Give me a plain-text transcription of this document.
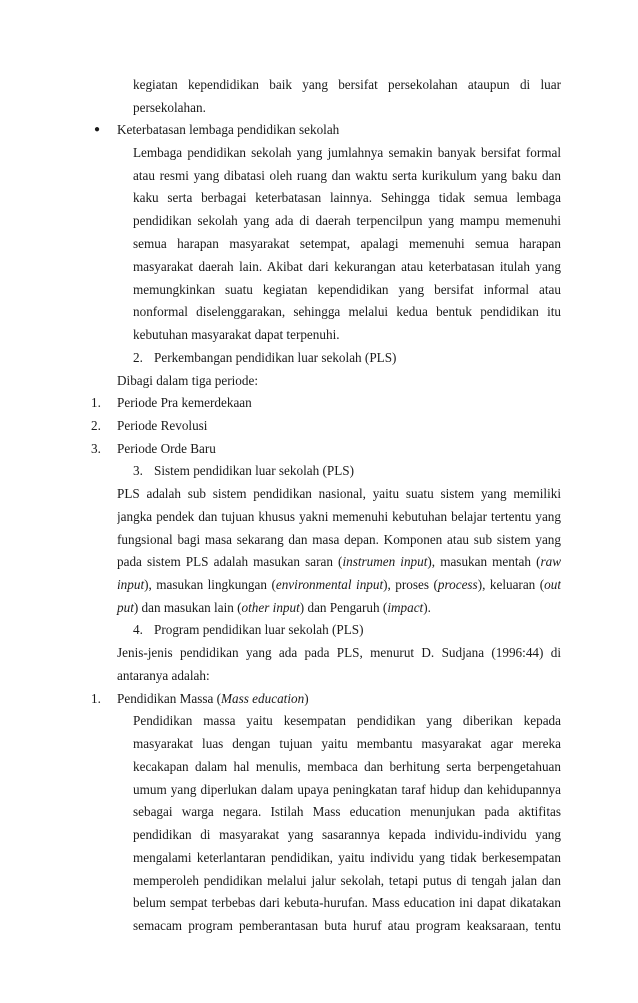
kegiatan kependidikan baik yang bersifat persekolahan ataupun di luar
persekolahan.
● Keterbatasan lembaga pendidikan sekolah
Lembaga pendidikan sekolah yang jumlahnya semakin banyak bersifat formal
atau resmi yang dibatasi oleh ruang dan waktu serta kurikulum yang baku dan
kaku serta berbagai keterbatasan lainnya. Sehingga tidak semua lembaga
pendidikan sekolah yang ada di daerah terpencilpun yang mampu memenuhi
semua harapan masyarakat setempat, apalagi memenuhi semua harapan
masyarakat daerah lain. Akibat dari kekurangan atau keterbatasan itulah yang
memungkinkan suatu kegiatan kependidikan yang bersifat informal atau
nonformal diselenggarakan, sehingga melalui kedua bentuk pendidikan itu
kebutuhan masyarakat dapat terpenuhi.
2. Perkembangan pendidikan luar sekolah (PLS)
Dibagi dalam tiga periode:
1. Periode Pra kemerdekaan
2. Periode Revolusi
3. Periode Orde Baru
3. Sistem pendidikan luar sekolah (PLS)
PLS adalah sub sistem pendidikan nasional, yaitu suatu sistem yang memiliki
jangka pendek dan tujuan khusus yakni memenuhi kebutuhan belajar tertentu yang
fungsional bagi masa sekarang dan masa depan. Komponen atau sub sistem yang
pada sistem PLS adalah masukan saran (instrumen input), masukan mentah (raw
input), masukan lingkungan (environmental input), proses (process), keluaran (out
put) dan masukan lain (other input) dan Pengaruh (impact).
4. Program pendidikan luar sekolah (PLS)
Jenis-jenis pendidikan yang ada pada PLS, menurut D. Sudjana (1996:44) di
antaranya adalah:
1. Pendidikan Massa (Mass education)
Pendidikan massa yaitu kesempatan pendidikan yang diberikan kepada
masyarakat luas dengan tujuan yaitu membantu masyarakat agar mereka
kecakapan dalam hal menulis, membaca dan berhitung serta berpengetahuan
umum yang diperlukan dalam upaya peningkatan taraf hidup dan kehidupannya
sebagai warga negara. Istilah Mass education menunjukan pada aktifitas
pendidikan di masyarakat yang sasarannya kepada individu-individu yang
mengalami keterlantaran pendidikan, yaitu individu yang tidak berkesempatan
memperoleh pendidikan melalui jalur sekolah, tetapi putus di tengah jalan dan
belum sempat terbebas dari kebuta-hurufan. Mass education ini dapat dikatakan
semacam program pemberantasan buta huruf atau program keaksaraan, tentu
